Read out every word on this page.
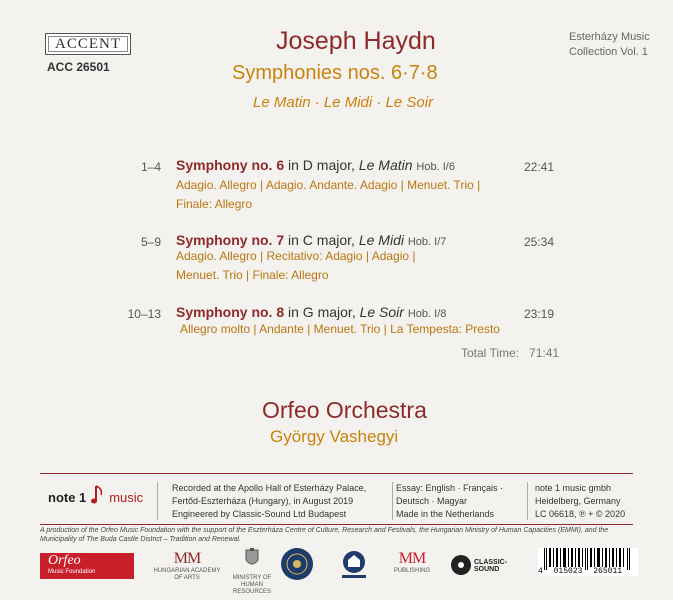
ACCENT
ACC 26501
Esterházy Music
Collection Vol. 1
Joseph Haydn
Symphonies nos. 6·7·8
Le Matin · Le Midi · Le Soir
1–4 Symphony no. 6 in D major, Le Matin Hob. I/6	22:41
Adagio. Allegro | Adagio. Andante. Adagio | Menuet. Trio |
Finale: Allegro
5–9 Symphony no. 7 in C major, Le Midi Hob. I/7	25:34
Adagio. Allegro | Recitativo: Adagio | Adagio |
Menuet. Trio | Finale: Allegro
10–13 Symphony no. 8 in G major, Le Soir Hob. I/8	23:19
Allegro molto | Andante | Menuet. Trio | La Tempesta: Presto
Total Time: 71:41
Orfeo Orchestra
György Vashegyi
note 1 music
Recorded at the Apollo Hall of Esterházy Palace,
Fertőd-Eszterháza (Hungary), in August 2019
Engineered by Classic-Sound Ltd Budapest
Essay: English · Français ·
Deutsch · Magyar
Made in the Netherlands
note 1 music gmbh
Heidelberg, Germany
LC 06618, ℗ + © 2020
A production of the Orfeo Music Foundation with the support of the Eszterháza Centre of Culture, Research and Festivals, the Hungarian Ministry of Human Capacities (EMMI), and the Municipality of The Buda Castle District – Tradition and Renewal.
Orfeo
Music Foundation
MM
HUNGARIAN ACADEMY OF ARTS	MINISTRY OF HUMAN RESOURCES
MM
PUBLISHING
CLASSIC-SOUND	4 015023 265011
